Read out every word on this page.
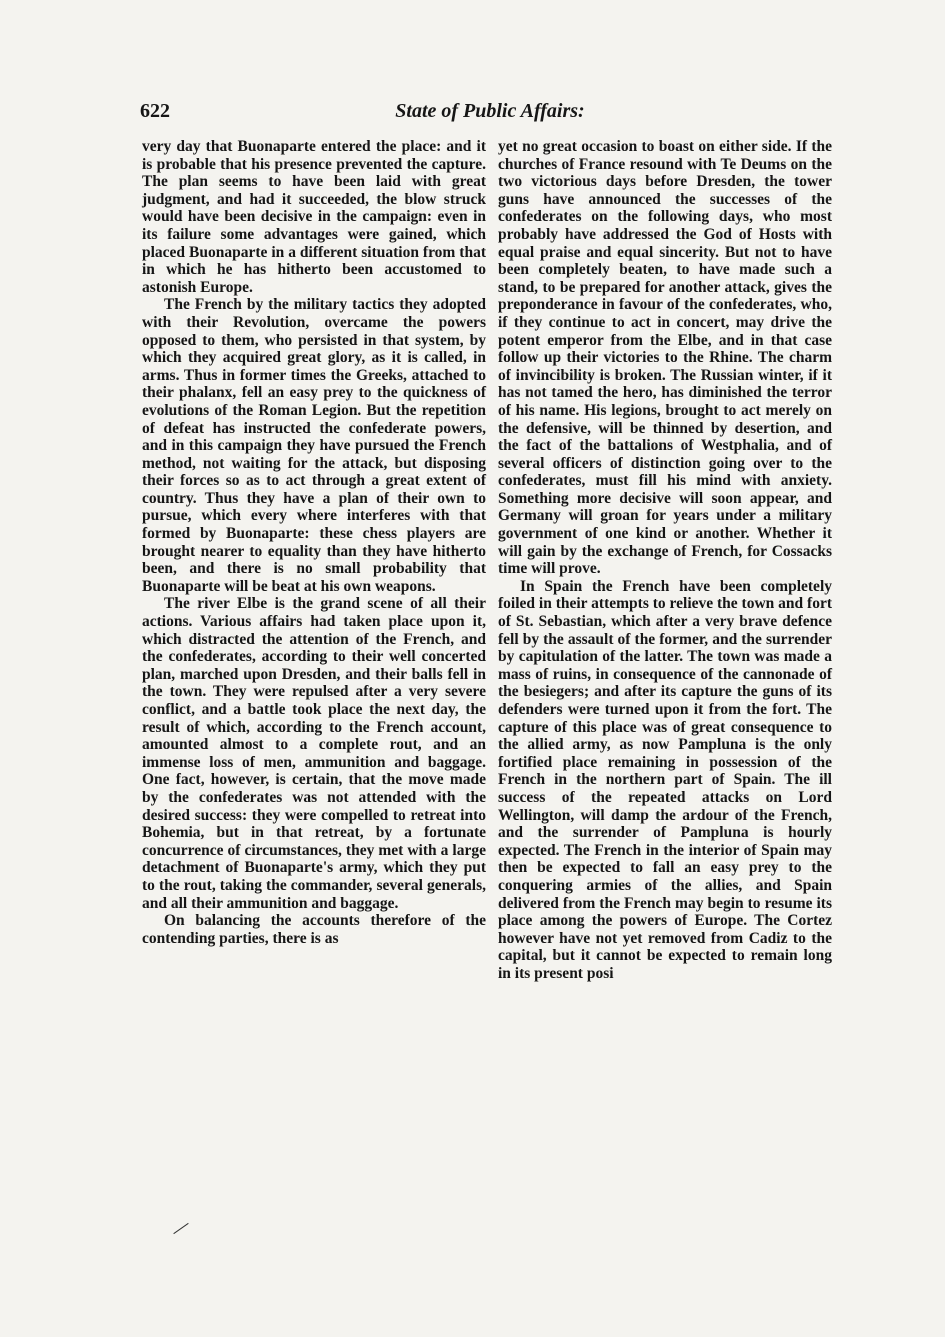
622	State of Public Affairs:

very day that Buonaparte entered the place: and it is probable that his presence prevented the capture. The plan seems to have been laid with great judgment, and had it succeeded, the blow struck would have been decisive in the campaign: even in its failure some advantages were gained, which placed Buonaparte in a different situation from that in which he has hitherto been accustomed to astonish Europe.

The French by the military tactics they adopted with their Revolution, overcame the powers opposed to them, who persisted in that system, by which they acquired great glory, as it is called, in arms. Thus in former times the Greeks, attached to their phalanx, fell an easy prey to the quickness of evolutions of the Roman Legion. But the repetition of defeat has instructed the confederate powers, and in this campaign they have pursued the French method, not waiting for the attack, but disposing their forces so as to act through a great extent of country. Thus they have a plan of their own to pursue, which every where interferes with that formed by Buonaparte: these chess players are brought nearer to equality than they have hitherto been, and there is no small probability that Buonaparte will be beat at his own weapons.

The river Elbe is the grand scene of all their actions. Various affairs had taken place upon it, which distracted the attention of the French, and the confederates, according to their well concerted plan, marched upon Dresden, and their balls fell in the town. They were repulsed after a very severe conflict, and a battle took place the next day, the result of which, according to the French account, amounted almost to a complete rout, and an immense loss of men, ammunition and baggage. One fact, however, is certain, that the move made by the confederates was not attended with the desired success: they were compelled to retreat into Bohemia, but in that retreat, by a fortunate concurrence of circumstances, they met with a large detachment of Buonaparte's army, which they put to the rout, taking the commander, several generals, and all their ammunition and baggage.

On balancing the accounts therefore of the contending parties, there is as

yet no great occasion to boast on either side. If the churches of France resound with Te Deums on the two victorious days before Dresden, the tower guns have announced the successes of the confederates on the following days, who most probably have addressed the God of Hosts with equal praise and equal sincerity. But not to have been completely beaten, to have made such a stand, to be prepared for another attack, gives the preponderance in favour of the confederates, who, if they continue to act in concert, may drive the potent emperor from the Elbe, and in that case follow up their victories to the Rhine. The charm of invincibility is broken. The Russian winter, if it has not tamed the hero, has diminished the terror of his name. His legions, brought to act merely on the defensive, will be thinned by desertion, and the fact of the battalions of Westphalia, and of several officers of distinction going over to the confederates, must fill his mind with anxiety. Something more decisive will soon appear, and Germany will groan for years under a military government of one kind or another. Whether it will gain by the exchange of French, for Cossacks time will prove.

In Spain the French have been completely foiled in their attempts to relieve the town and fort of St. Sebastian, which after a very brave defence fell by the assault of the former, and the surrender by capitulation of the latter. The town was made a mass of ruins, in consequence of the cannonade of the besiegers; and after its capture the guns of its defenders were turned upon it from the fort. The capture of this place was of great consequence to the allied army, as now Pampluna is the only fortified place remaining in possession of the French in the northern part of Spain. The ill success of the repeated attacks on Lord Wellington, will damp the ardour of the French, and the surrender of Pampluna is hourly expected. The French in the interior of Spain may then be expected to fall an easy prey to the conquering armies of the allies, and Spain delivered from the French may begin to resume its place among the powers of Europe. The Cortez however have not yet removed from Cadiz to the capital, but it cannot be expected to remain long in its present posi
